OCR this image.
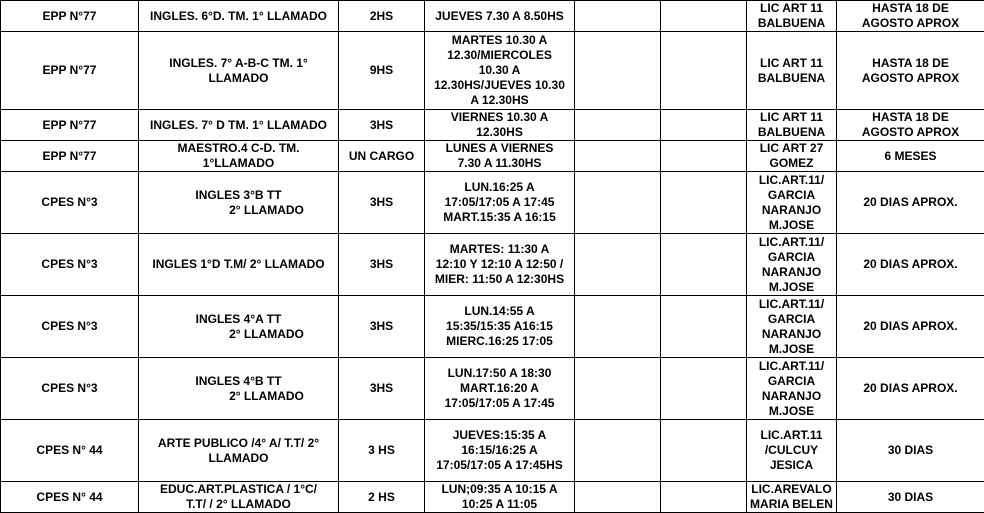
EPP N°77	INGLES. 6°D. TM. 1° LLAMADO	2HS	JUEVES 7.30 A 8.50HS			LIC ART 11
BALBUENA	HASTA 18 DE
AGOSTO APROX

EPP N°77	INGLES. 7° A-B-C TM. 1°
LLAMADO	9HS	MARTES 10.30 A
12.30/MIERCOLES
10.30 A
12.30HS/JUEVES 10.30
A 12.30HS			LIC ART 11
BALBUENA	HASTA 18 DE
AGOSTO APROX

EPP N°77	INGLES. 7° D TM. 1° LLAMADO	3HS	VIERNES 10.30 A
12.30HS			LIC ART 11
BALBUENA	HASTA 18 DE
AGOSTO APROX

EPP N°77	MAESTRO.4 C-D. TM.
1°LLAMADO	UN CARGO	LUNES A VIERNES
7.30 A 11.30HS			LIC ART 27
GOMEZ	6 MESES

CPES N°3	INGLES 3°B TT
2° LLAMADO	3HS	LUN.16:25 A
17:05/17:05 A 17:45
MART.15:35 A 16:15			LIC.ART.11/
GARCIA
NARANJO
M.JOSE	20 DIAS APROX.

CPES N°3	INGLES 1°D T.M/ 2° LLAMADO	3HS	MARTES: 11:30 A
12:10 Y 12:10 A 12:50 /
MIER: 11:50 A 12:30HS			LIC.ART.11/
GARCIA
NARANJO
M.JOSE	20 DIAS APROX.

CPES N°3	INGLES 4°A TT
2° LLAMADO	3HS	LUN.14:55 A
15:35/15:35 A16:15
MIERC.16:25 17:05			LIC.ART.11/
GARCIA
NARANJO
M.JOSE	20 DIAS APROX.

CPES N°3	INGLES 4°B TT
2° LLAMADO	3HS	LUN.17:50 A 18:30
MART.16:20 A
17:05/17:05 A 17:45			LIC.ART.11/
GARCIA
NARANJO
M.JOSE	20 DIAS APROX.

CPES N° 44	ARTE PUBLICO /4° A/ T.T/ 2°
LLAMADO	3 HS	JUEVES:15:35 A
16:15/16:25 A
17:05/17:05 A 17:45HS			LIC.ART.11
/CULCUY
JESICA	30 DIAS

CPES N° 44	EDUC.ART.PLASTICA / 1°C/
T.T/ / 2° LLAMADO	2 HS	LUN;09:35 A 10:15 A
10:25 A 11:05			LIC.AREVALO
MARIA BELEN	30 DIAS
